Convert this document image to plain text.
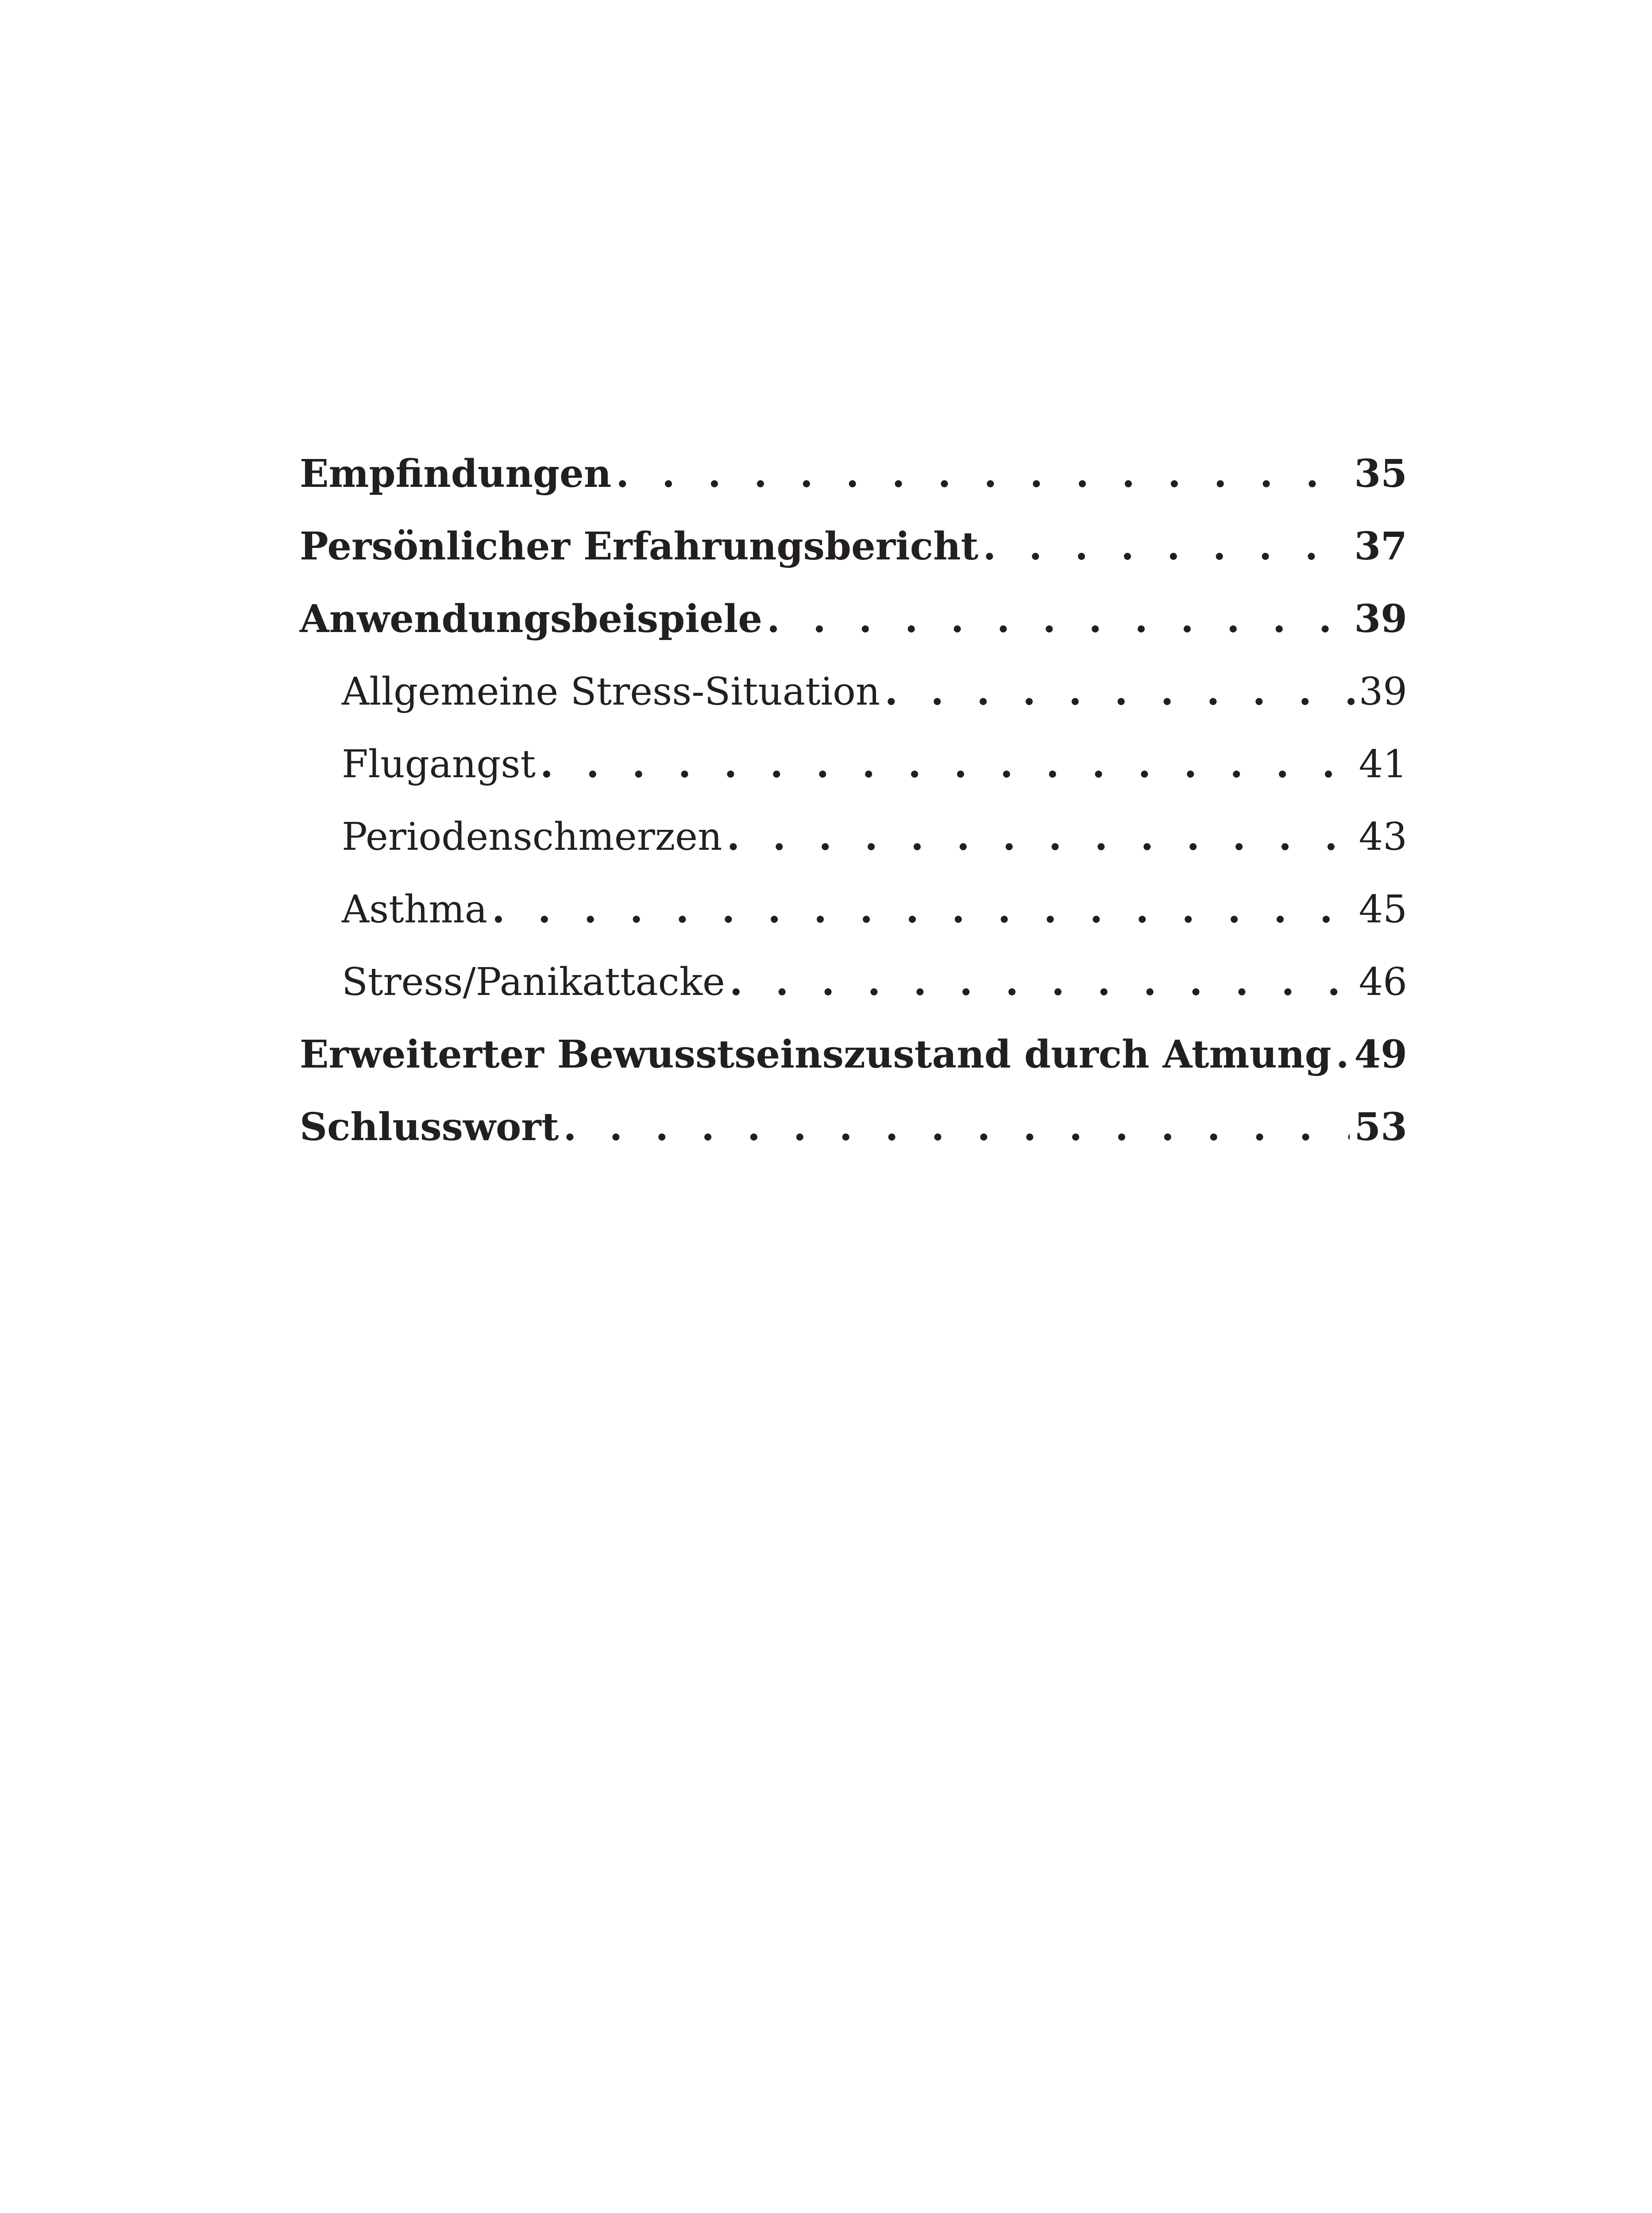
Empfindungen . . .	35
Persönlicher Erfahrungsbericht . . .	37
Anwendungsbeispiele . . .	39
Allgemeine Stress-Situation . . .	39
Flugangst . . .	41
Periodenschmerzen . . .	43
Asthma . . .	45
Stress/Panikattacke . . .	46
Erweiterter Bewusstseinszustand durch Atmung . . . 49
Schlusswort . . .	53
